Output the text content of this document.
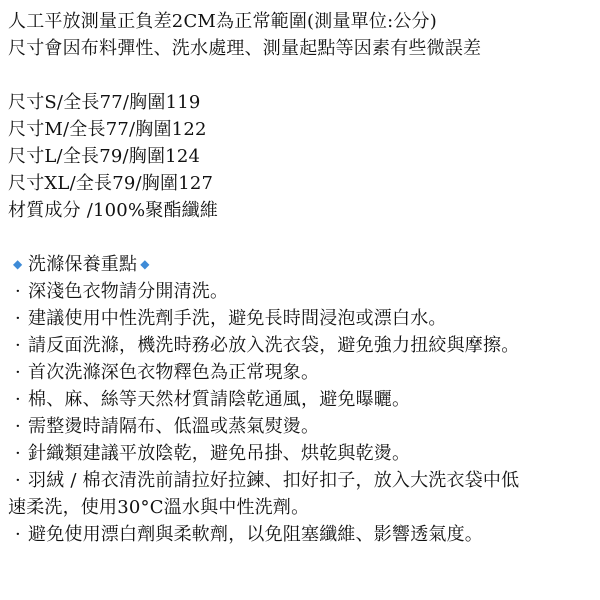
人工平放測量正負差2CM為正常範圍(測量單位:公分)
尺寸會因布料彈性、洗水處理、測量起點等因素有些微誤差
尺寸S/全長77/胸圍119
尺寸M/全長77/胸圍122
尺寸L/全長79/胸圍124
尺寸XL/全長79/胸圍127
材質成分 /100%聚酯纖維
◆ 洗滌保養重點 ◆
· 深淺色衣物請分開清洗。
· 建議使用中性洗劑手洗，避免長時間浸泡或漂白水。
· 請反面洗滌，機洗時務必放入洗衣袋，避免強力扭絞與摩擦。
· 首次洗滌深色衣物釋色為正常現象。
· 棉、麻、絲等天然材質請陰乾通風，避免曝曬。
· 需整燙時請隔布、低溫或蒸氣熨燙。
· 針織類建議平放陰乾，避免吊掛、烘乾與乾燙。
· 羽絨 / 棉衣清洗前請拉好拉鍊、扣好扣子，放入大洗衣袋中低
速柔洗，使用30°C溫水與中性洗劑。
· 避免使用漂白劑與柔軟劑，以免阻塞纖維、影響透氣度。
